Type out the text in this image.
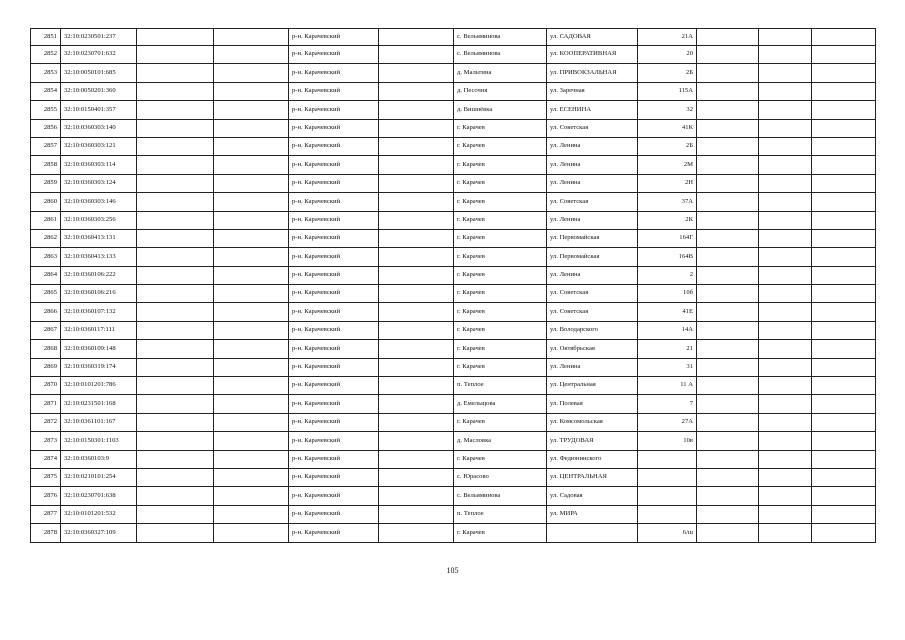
2851	32:10:0230501:237			р-н. Карачевский		с. Вельяминова	ул. САДОВАЯ	21А			
2852	32:10:0230701:632			р-н. Карачевский		с. Вельяминова	ул. КООПЕРАТИВНАЯ	20			
2853	32:10:0050101:685			р-н. Карачевский		д. Мальтина	ул. ПРИВОКЗАЛЬНАЯ	2Б			
2854	32:10:0050201:360			р-н. Карачевский		д. Песочня	ул. Заречная	115А			
2855	32:10:0150401:357			р-н. Карачевский		д. Вишнёвка	ул. ЕСЕНИНА	32			
2856	32:10:0360303:140			р-н. Карачевский		г. Карачев	ул. Советская	41К			
2857	32:10:0360303:121			р-н. Карачевский		г. Карачев	ул. Ленина	2Б			
2858	32:10:0360303:114			р-н. Карачевский		г. Карачев	ул. Ленина	2М			
2859	32:10:0360303:124			р-н. Карачевский		г. Карачев	ул. Ленина	2Н			
2860	32:10:0360303:146			р-н. Карачевский		г. Карачев	ул. Советская	37А			
2861	32:10:0360303:256			р-н. Карачевский		г. Карачев	ул. Ленина	2К			
2862	32:10:0360413:131			р-н. Карачевский		г. Карачев	ул. Первомайская	164Г			
2863	32:10:0360413:133			р-н. Карачевский		г. Карачев	ул. Первомайская	164В			
2864	32:10:0360106:222			р-н. Карачевский		г. Карачев	ул. Ленина	2			
2865	32:10:0360106:216			р-н. Карачевский		г. Карачев	ул. Советская	10б			
2866	32:10:0360107:132			р-н. Карачевский		г. Карачев	ул. Советская	41Е			
2867	32:10:0360117:111			р-н. Карачевский		г. Карачев	ул. Володарского	14А			
2868	32:10:0360109:148			р-н. Карачевский		г. Карачев	ул. Октябрьская	21			
2869	32:10:0360319:174			р-н. Карачевский		г. Карачев	ул. Ленина	31			
2870	32:10:0101201:786			р-н. Карачевский		п. Теплое	ул. Центральная	11 А			
2871	32:10:0231501:168			р-н. Карачевский		д. Емельщова	ул. Полевая	7			
2872	32:10:0361101:167			р-н. Карачевский		г. Карачев	ул. Комсомольская	27А			
2873	32:10:0150301:1103			р-н. Карачевский		д. Масловка	ул. ТРУДОВАЯ	10в			
2874	32:10:0360103:9			р-н. Карачевский		г. Карачев	ул. Федюнинского				
2875	32:10:0210101:254			р-н. Карачевский		с. Юрасово	ул. ЦЕНТРАЛЬНАЯ				
2876	32:10:0230701:638			р-н. Карачевский		с. Вельяминова	ул. Садовая				
2877	32:10:0101201:532			р-н. Карачевский		п. Теплое	ул. МИРА				
2878	32:10:0360327:109			р-н. Карачевский		г. Карачев		6/ш			
105
